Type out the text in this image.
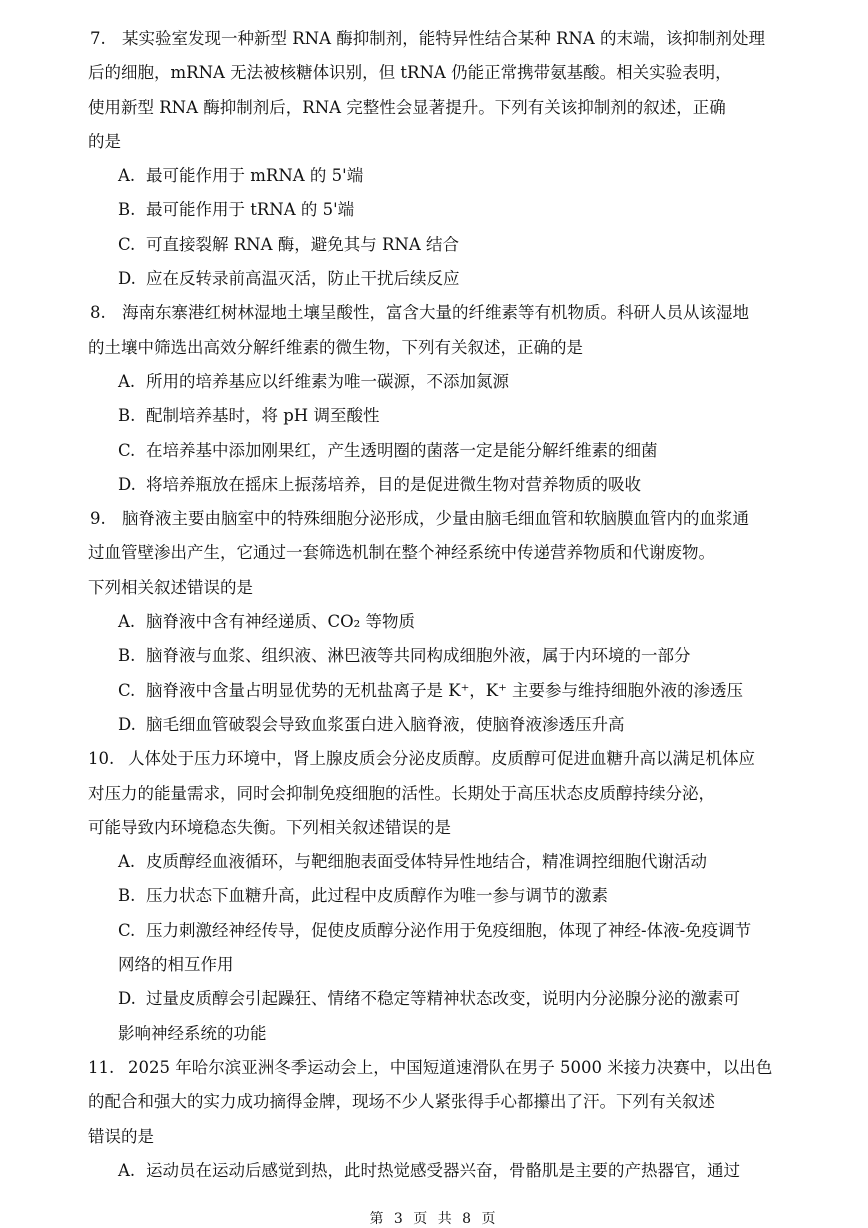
7. 某实验室发现一种新型 RNA 酶抑制剂，能特异性结合某种 RNA 的末端，该抑制剂处理
后的细胞，mRNA 无法被核糖体识别，但 tRNA 仍能正常携带氨基酸。相关实验表明，
使用新型 RNA 酶抑制剂后，RNA 完整性会显著提升。下列有关该抑制剂的叙述，正确
的是
A. 最可能作用于 mRNA 的 5'端
B. 最可能作用于 tRNA 的 5'端
C. 可直接裂解 RNA 酶，避免其与 RNA 结合
D. 应在反转录前高温灭活，防止干扰后续反应
8. 海南东寨港红树林湿地土壤呈酸性，富含大量的纤维素等有机物质。科研人员从该湿地
的土壤中筛选出高效分解纤维素的微生物，下列有关叙述，正确的是
A. 所用的培养基应以纤维素为唯一碳源，不添加氮源
B. 配制培养基时，将 pH 调至酸性
C. 在培养基中添加刚果红，产生透明圈的菌落一定是能分解纤维素的细菌
D. 将培养瓶放在摇床上振荡培养，目的是促进微生物对营养物质的吸收
9. 脑脊液主要由脑室中的特殊细胞分泌形成，少量由脑毛细血管和软脑膜血管内的血浆通
过血管壁渗出产生，它通过一套筛选机制在整个神经系统中传递营养物质和代谢废物。
下列相关叙述错误的是
A. 脑脊液中含有神经递质、CO₂ 等物质
B. 脑脊液与血浆、组织液、淋巴液等共同构成细胞外液，属于内环境的一部分
C. 脑脊液中含量占明显优势的无机盐离子是 K⁺，K⁺ 主要参与维持细胞外液的渗透压
D. 脑毛细血管破裂会导致血浆蛋白进入脑脊液，使脑脊液渗透压升高
10. 人体处于压力环境中，肾上腺皮质会分泌皮质醇。皮质醇可促进血糖升高以满足机体应
对压力的能量需求，同时会抑制免疫细胞的活性。长期处于高压状态皮质醇持续分泌，
可能导致内环境稳态失衡。下列相关叙述错误的是
A. 皮质醇经血液循环，与靶细胞表面受体特异性地结合，精准调控细胞代谢活动
B. 压力状态下血糖升高，此过程中皮质醇作为唯一参与调节的激素
C. 压力刺激经神经传导，促使皮质醇分泌作用于免疫细胞，体现了神经-体液-免疫调节
网络的相互作用
D. 过量皮质醇会引起躁狂、情绪不稳定等精神状态改变，说明内分泌腺分泌的激素可
影响神经系统的功能
11. 2025 年哈尔滨亚洲冬季运动会上，中国短道速滑队在男子 5000 米接力决赛中，以出色
的配合和强大的实力成功摘得金牌，现场不少人紧张得手心都攥出了汗。下列有关叙述
错误的是
A. 运动员在运动后感觉到热，此时热觉感受器兴奋，骨骼肌是主要的产热器官，通过
第 3 页 共 8 页
